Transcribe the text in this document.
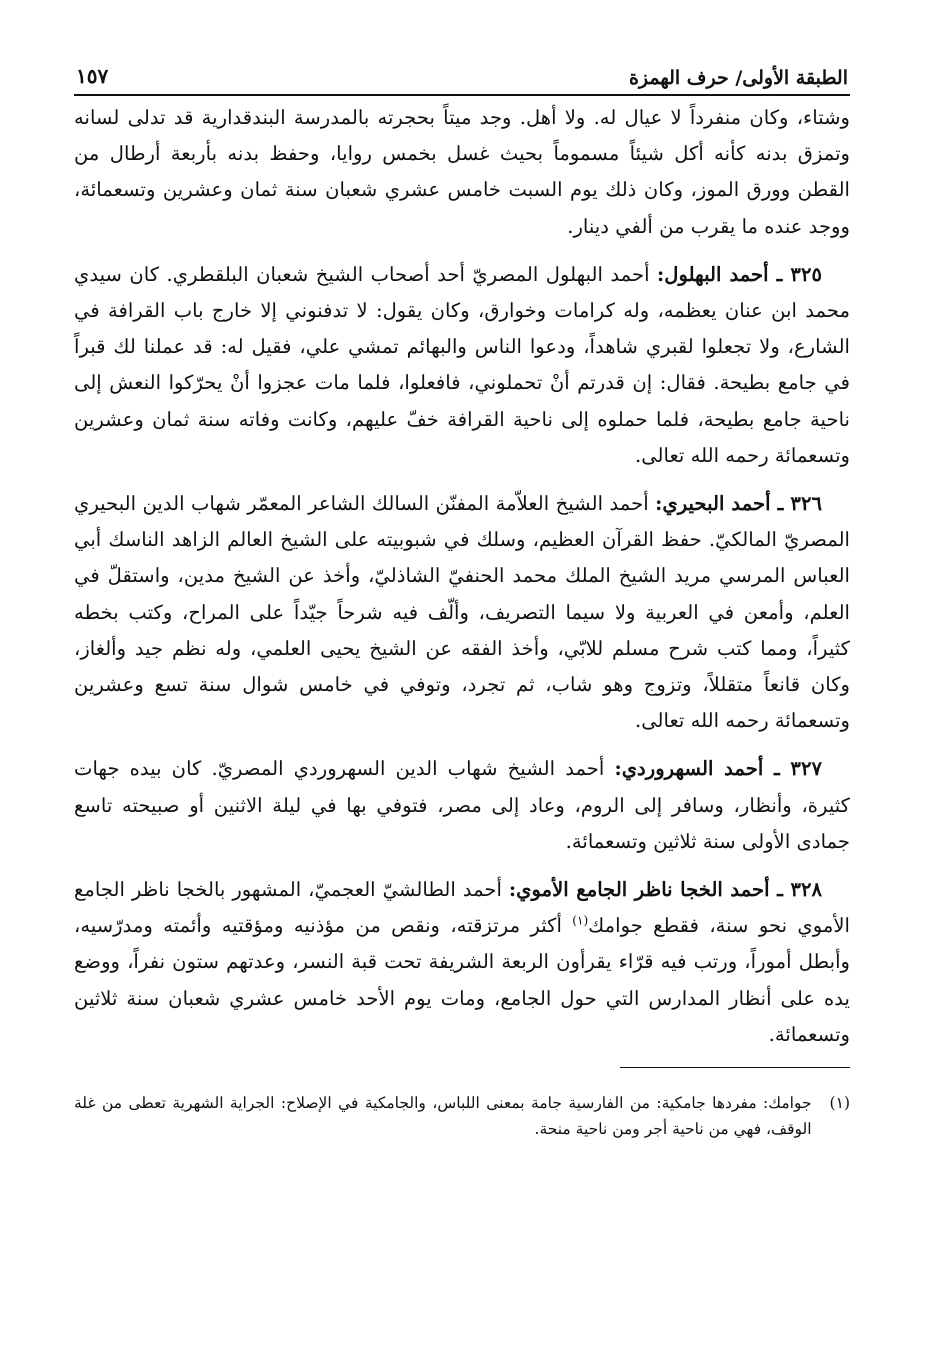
الطبقة الأولى/ حرف الهمزة
١٥٧

وشتاء، وكان منفرداً لا عيال له. ولا أهل. وجد ميتاً بحجرته بالمدرسة البندقدارية قد تدلى لسانه وتمزق بدنه كأنه أكل شيئاً مسموماً بحيث غسل بخمس روايا، وحفظ بدنه بأربعة أرطال من القطن وورق الموز، وكان ذلك يوم السبت خامس عشري شعبان سنة ثمان وعشرين وتسعمائة، ووجد عنده ما يقرب من ألفي دينار.

٣٢٥ ـ أحمد البهلول: أحمد البهلول المصريّ أحد أصحاب الشيخ شعبان البلقطري. كان سيدي محمد ابن عنان يعظمه، وله كرامات وخوارق، وكان يقول: لا تدفنوني إلا خارج باب القرافة في الشارع، ولا تجعلوا لقبري شاهداً، ودعوا الناس والبهائم تمشي علي، فقيل له: قد عملنا لك قبراً في جامع بطيحة. فقال: إن قدرتم أنْ تحملوني، فافعلوا، فلما مات عجزوا أنْ يحرّكوا النعش إلى ناحية جامع بطيحة، فلما حملوه إلى ناحية القرافة خفّ عليهم، وكانت وفاته سنة ثمان وعشرين وتسعمائة رحمه الله تعالى.

٣٢٦ ـ أحمد البحيري: أحمد الشيخ العلاّمة المفنّن السالك الشاعر المعمّر شهاب الدين البحيري المصريّ المالكيّ. حفظ القرآن العظيم، وسلك في شبوبيته على الشيخ العالم الزاهد الناسك أبي العباس المرسي مريد الشيخ الملك محمد الحنفيّ الشاذليّ، وأخذ عن الشيخ مدين، واستقلّ في العلم، وأمعن في العربية ولا سيما التصريف، وألّف فيه شرحاً جيّداً على المراح، وكتب بخطه كثيراً، ومما كتب شرح مسلم للابّي، وأخذ الفقه عن الشيخ يحيى العلمي، وله نظم جيد وألغاز، وكان قانعاً متقللاً، وتزوج وهو شاب، ثم تجرد، وتوفي في خامس شوال سنة تسع وعشرين وتسعمائة رحمه الله تعالى.

٣٢٧ ـ أحمد السهروردي: أحمد الشيخ شهاب الدين السهروردي المصريّ. كان بيده جهات كثيرة، وأنظار، وسافر إلى الروم، وعاد إلى مصر، فتوفي بها في ليلة الاثنين أو صبيحته تاسع جمادى الأولى سنة ثلاثين وتسعمائة.

٣٢٨ ـ أحمد الخجا ناظر الجامع الأموي: أحمد الطالشيّ العجميّ، المشهور بالخجا ناظر الجامع الأموي نحو سنة، فقطع جوامك$^{(١)}$ أكثر مرتزقته، ونقص من مؤذنيه ومؤقتيه وأئمته ومدرّسيه، وأبطل أموراً، ورتب فيه قرّاء يقرأون الربعة الشريفة تحت قبة النسر، وعدتهم ستون نفراً، ووضع يده على أنظار المدارس التي حول الجامع، ومات يوم الأحد خامس عشري شعبان سنة ثلاثين وتسعمائة.

(١)
جوامك: مفردها جامكية: من الفارسية جامة بمعنى اللباس، والجامكية في الإصلاح: الجراية الشهرية تعطى من غلة الوقف، فهي من ناحية أجر ومن ناحية منحة.
